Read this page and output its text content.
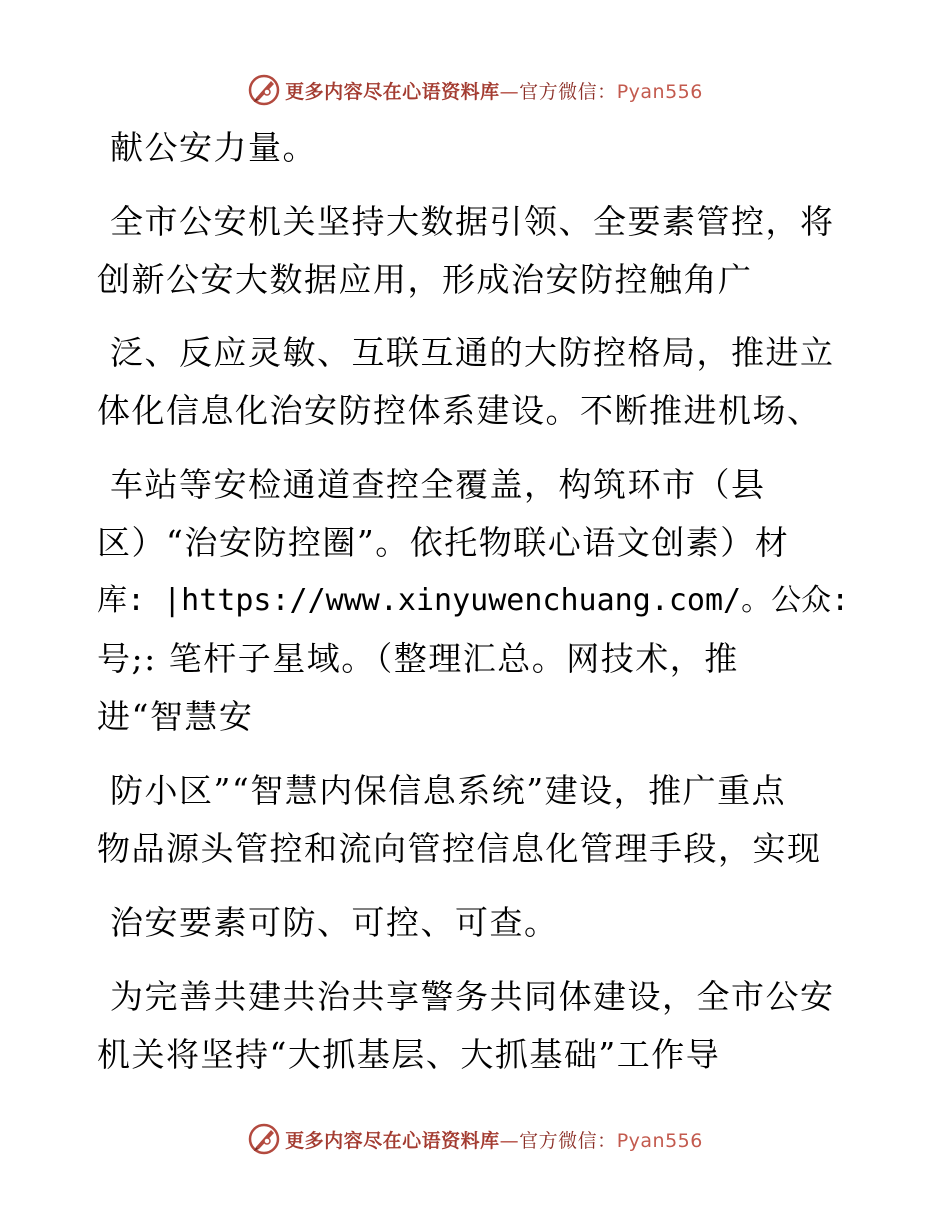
更多内容尽在心语资料库—官方微信：Pyan556
献公安力量。
全市公安机关坚持大数据引领、全要素管控，将
创新公安大数据应用，形成治安防控触角广
泛、反应灵敏、互联互通的大防控格局，推进立
体化信息化治安防控体系建设。不断推进机场、
车站等安检通道查控全覆盖，构筑环市（县
区）“治安防控圈”。依托物联心语文创素）材
库: |https://www.xinyuwenchuang.com/。公众:
号;: 笔杆子星域。（整理汇总。网技术，推
进“智慧安
防小区”“智慧内保信息系统”建设，推广重点
物品源头管控和流向管控信息化管理手段，实现
治安要素可防、可控、可查。
为完善共建共治共享警务共同体建设，全市公安
机关将坚持“大抓基层、大抓基础”工作导
更多内容尽在心语资料库—官方微信：Pyan556
